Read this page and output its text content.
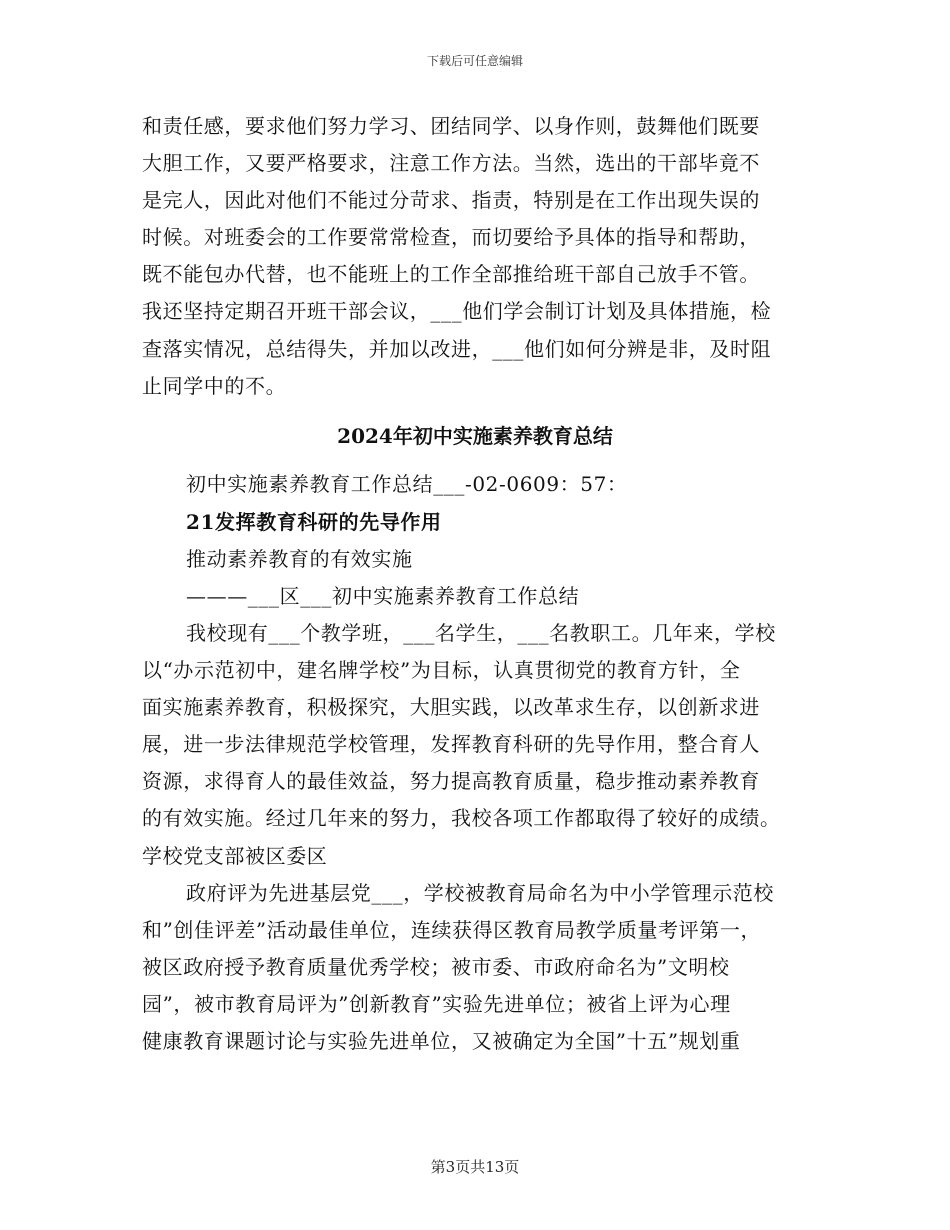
下载后可任意编辑
和责任感，要求他们努力学习、团结同学、以身作则，鼓舞他们既要
大胆工作，又要严格要求，注意工作方法。当然，选出的干部毕竟不
是完人，因此对他们不能过分苛求、指责，特别是在工作出现失误的
时候。对班委会的工作要常常检查，而切要给予具体的指导和帮助，
既不能包办代替，也不能班上的工作全部推给班干部自己放手不管。
我还坚持定期召开班干部会议，___他们学会制订计划及具体措施，检
查落实情况，总结得失，并加以改进，___他们如何分辨是非，及时阻
止同学中的不。
2024年初中实施素养教育总结
初中实施素养教育工作总结___-02-0609：57：
21发挥教育科研的先导作用
推动素养教育的有效实施
———___区___初中实施素养教育工作总结
我校现有___个教学班，___名学生，___名教职工。几年来，学校
以“办示范初中，建名牌学校”为目标，认真贯彻党的教育方针，全
面实施素养教育，积极探究，大胆实践，以改革求生存，以创新求进
展，进一步法律规范学校管理，发挥教育科研的先导作用，整合育人
资源，求得育人的最佳效益，努力提高教育质量，稳步推动素养教育
的有效实施。经过几年来的努力，我校各项工作都取得了较好的成绩。
学校党支部被区委区
政府评为先进基层党___，学校被教育局命名为中小学管理示范校
和”创佳评差”活动最佳单位，连续获得区教育局教学质量考评第一，
被区政府授予教育质量优秀学校；被市委、市政府命名为”文明校
园”，被市教育局评为”创新教育”实验先进单位；被省上评为心理
健康教育课题讨论与实验先进单位，又被确定为全国”十五”规划重
第3页共13页
